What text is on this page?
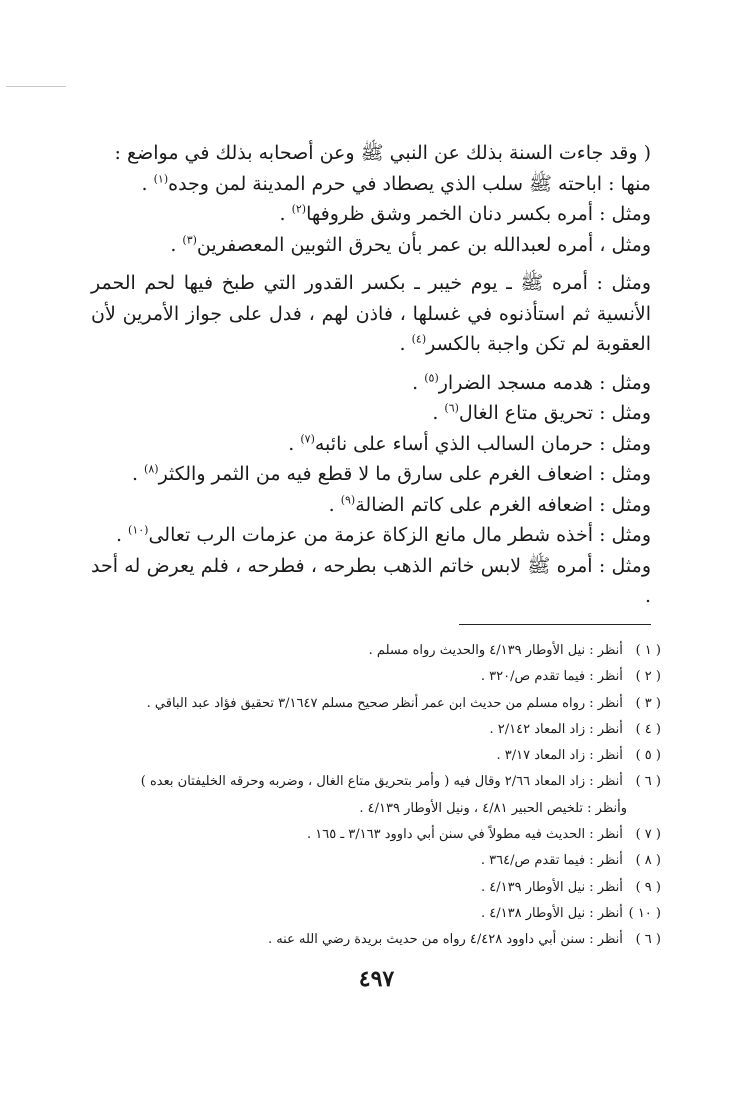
( وقد جاءت السنة بذلك عن النبي ﷺ وعن أصحابه بذلك في مواضع :

منها : اباحته ﷺ سلب الذي يصطاد في حرم المدينة لمن وجده$^{(١)}$ .

ومثل : أمره بكسر دنان الخمر وشق ظروفها$^{(٢)}$ .

ومثل ، أمره لعبدالله بن عمر بأن يحرق الثوبين المعصفرين$^{(٣)}$ .

ومثل : أمره ﷺ ـ يوم خيبر ـ بكسر القدور التي طبخ فيها لحم الحمر الأنسية ثم استأذنوه في غسلها ، فاذن لهم ، فدل على جواز الأمرين لأن العقوبة لم تكن واجبة بالكسر$^{(٤)}$ .

ومثل : هدمه مسجد الضرار$^{(٥)}$ .

ومثل : تحريق متاع الغال$^{(٦)}$ .

ومثل : حرمان السالب الذي أساء على نائبه$^{(٧)}$ .

ومثل : اضعاف الغرم على سارق ما لا قطع فيه من الثمر والكثر$^{(٨)}$ .

ومثل : اضعافه الغرم على كاتم الضالة$^{(٩)}$ .

ومثل : أخذه شطر مال مانع الزكاة عزمة من عزمات الرب تعالى$^{(١٠)}$ .

ومثل : أمره ﷺ لابس خاتم الذهب بطرحه ، فطرحه ، فلم يعرض له أحد .

( ١ ) أنظر : نيل الأوطار ٤/١٣٩ والحديث رواه مسلم .

( ٢ ) أنظر : فيما تقدم ص/٣٢٠ .

( ٣ ) أنظر : رواه مسلم من حديث ابن عمر أنظر صحيح مسلم ٣/١٦٤٧ تحقيق فؤاد عبد الباقي .

( ٤ ) أنظر : زاد المعاد ٢/١٤٢ .

( ٥ ) أنظر : زاد المعاد ٣/١٧ .

( ٦ ) أنظر : زاد المعاد ٢/٦٦ وقال فيه ( وأمر بتحريق متاع الغال ، وضربه وحرقه الخليفتان بعده )

وأنظر : تلخيص الحبير ٤/٨١ ، ونيل الأوطار ٤/١٣٩ .

( ٧ ) أنظر : الحديث فيه مطولاً في سنن أبي داوود ٣/١٦٣ ـ ١٦٥ .

( ٨ ) أنظر : فيما تقدم ص/٣٦٤ .

( ٩ ) أنظر : نيل الأوطار ٤/١٣٩ .

( ١٠ ) أنظر : نيل الأوطار ٤/١٣٨ .

( ٦ ) أنظر : سنن أبي داوود ٤/٤٢٨ رواه من حديث بريدة رضي الله عنه .

٤٩٧
